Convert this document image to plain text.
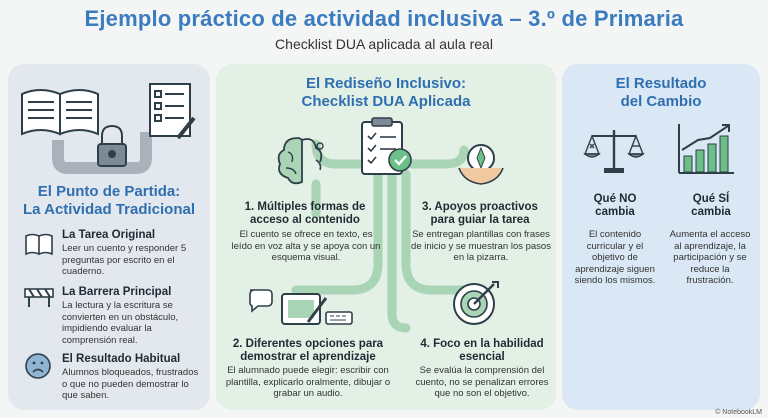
Ejemplo práctico de actividad inclusiva – 3.º de Primaria
Checklist DUA aplicada al aula real
El Punto de Partida:
La Actividad Tradicional
La Tarea Original
Leer un cuento y responder 5 preguntas por escrito en el cuaderno.
La Barrera Principal
La lectura y la escritura se convierten en un obstáculo, impidiendo evaluar la comprensión real.
El Resultado Habitual
Alumnos bloqueados, frustrados o que no pueden demostrar lo que saben.
El Rediseño Inclusivo:
Checklist DUA Aplicada
1. Múltiples formas de acceso al contenido
El cuento se ofrece en texto, es leído en voz alta y se apoya con un esquema visual.
3. Apoyos proactivos para guiar la tarea
Se entregan plantillas con frases de inicio y se muestran los pasos en la pizarra.
2. Diferentes opciones para demostrar el aprendizaje
El alumnado puede elegir: escribir con plantilla, explicarlo oralmente, dibujar o grabar un audio.
4. Foco en la habilidad esencial
Se evalúa la comprensión del cuento, no se penalizan errores que no son el objetivo.
El Resultado
del Cambio
Qué NO cambia
El contenido curricular y el objetivo de aprendizaje siguen siendo los mismos.
Qué SÍ cambia
Aumenta el acceso al aprendizaje, la participación y se reduce la frustración.
© NotebookLM
